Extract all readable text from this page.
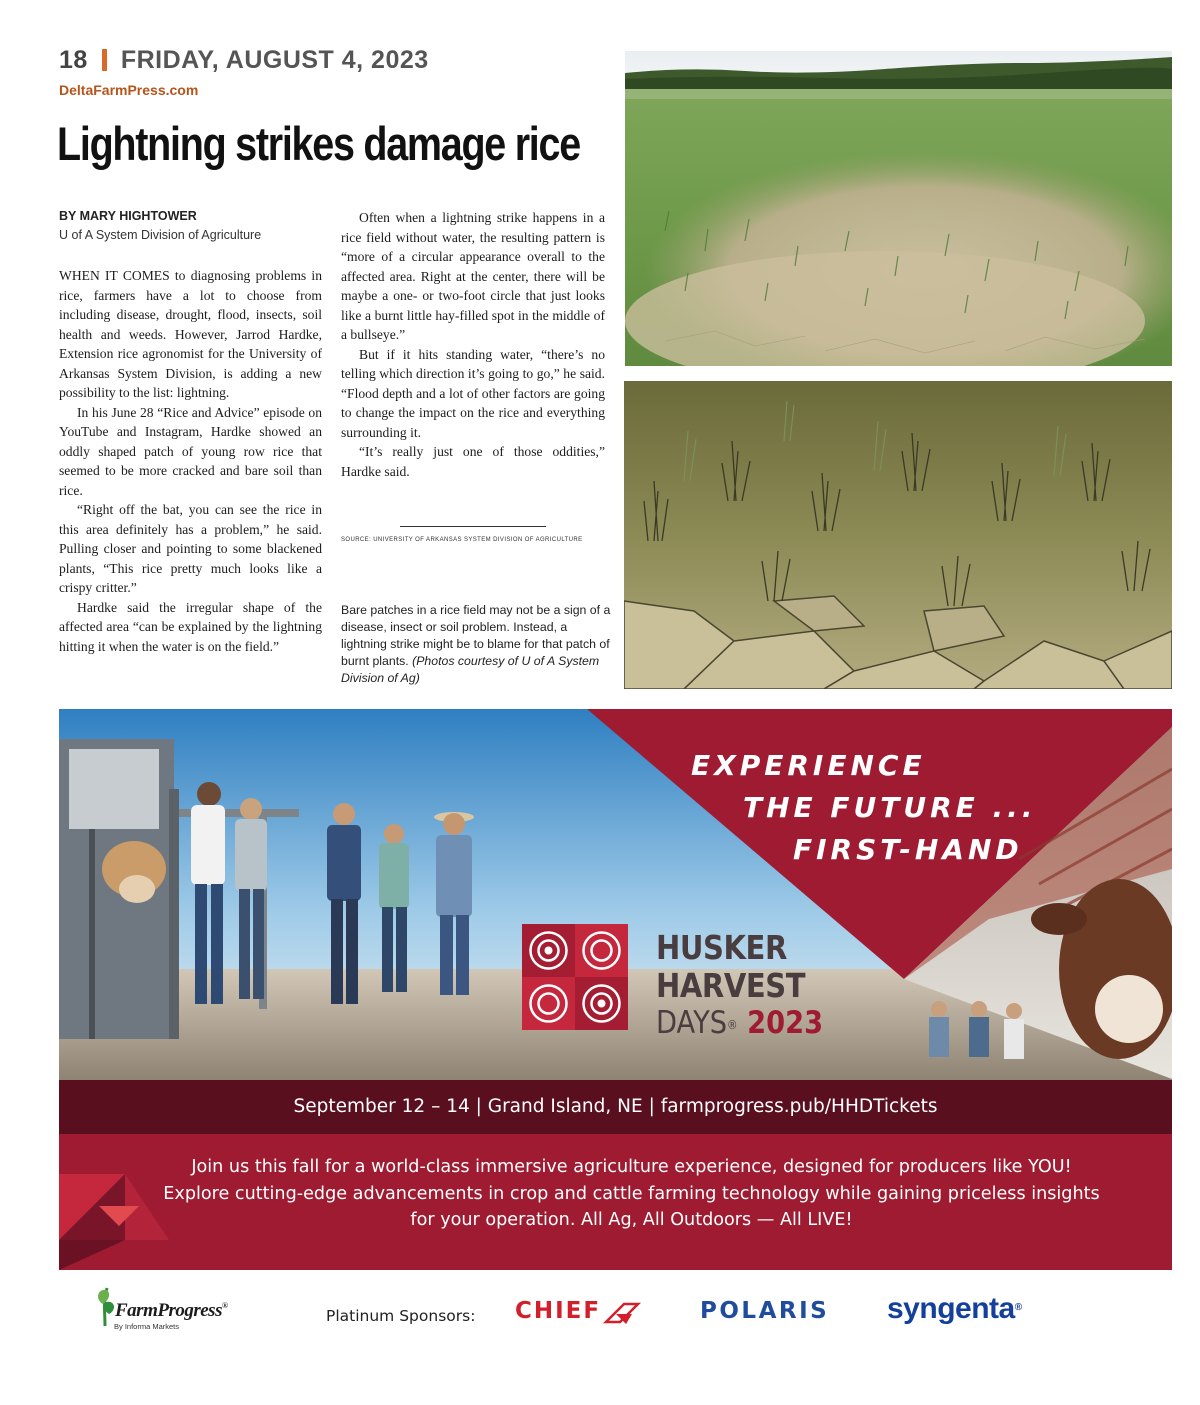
18 FRIDAY, AUGUST 4, 2023
DeltaFarmPress.com
Lightning strikes damage rice
BY MARY HIGHTOWER
U of A System Division of Agriculture

WHEN IT COMES to diagnosing problems in rice, farmers have a lot to choose from including disease, drought, flood, insects, soil health and weeds. However, Jarrod Hardke, Extension rice agronomist for the University of Arkansas System Division, is adding a new possibility to the list: lightning.

In his June 28 “Rice and Advice” episode on YouTube and Instagram, Hardke showed an oddly shaped patch of young row rice that seemed to be more cracked and bare soil than rice.

“Right off the bat, you can see the rice in this area definitely has a problem,” he said. Pulling closer and pointing to some blackened plants, “This rice pretty much looks like a crispy critter.”

Hardke said the irregular shape of the affected area “can be explained by the lightning hitting it when the water is on the field.”

Often when a lightning strike happens in a rice field without water, the resulting pattern is “more of a circular appearance overall to the affected area. Right at the center, there will be maybe a one- or two-foot circle that just looks like a burnt little hay-filled spot in the middle of a bullseye.”

But if it hits standing water, “there’s no telling which direction it’s going to go,” he said. “Flood depth and a lot of other factors are going to change the impact on the rice and everything surrounding it.

“It’s really just one of those oddities,” Hardke said.

SOURCE: UNIVERSITY OF ARKANSAS SYSTEM DIVISION OF AGRICULTURE
Bare patches in a rice field may not be a sign of a disease, insect or soil problem. Instead, a lightning strike might be to blame for that patch of burnt plants. (Photos courtesy of U of A System Division of Ag)
EXPERIENCE
THE FUTURE ...
FIRST-HAND
HUSKER
HARVEST
DAYS® 2023
September 12 – 14 | Grand Island, NE | farmprogress.pub/HHDTickets
Join us this fall for a world-class immersive agriculture experience, designed for producers like YOU! Explore cutting-edge advancements in crop and cattle farming technology while gaining priceless insights for your operation. All Ag, All Outdoors — All LIVE!
FarmProgress®
By Informa Markets
Platinum Sponsors: CHIEF	POLARIS syngenta®
